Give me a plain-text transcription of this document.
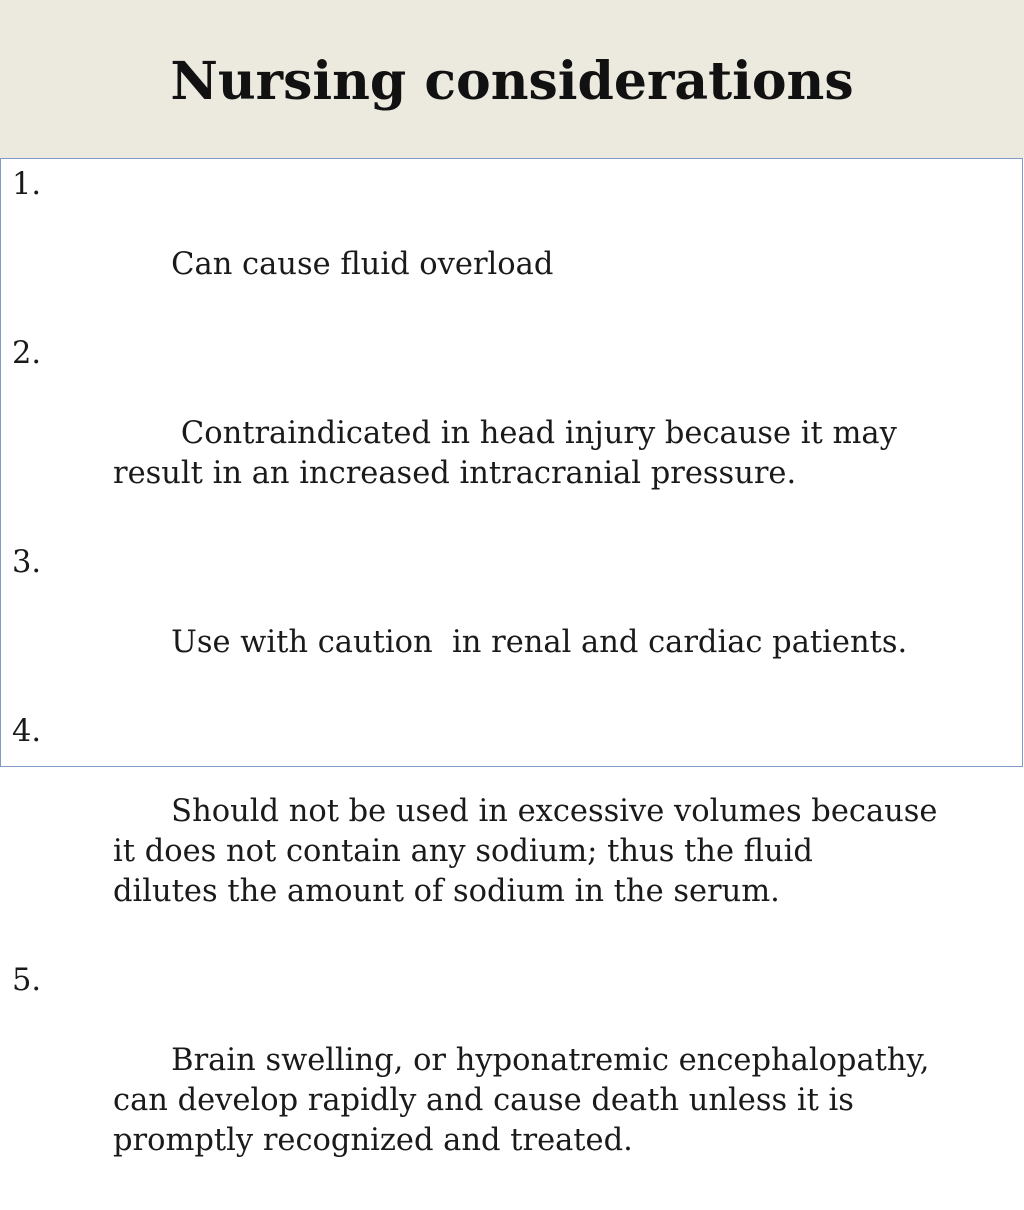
Nursing considerations

1.

Can cause fluid overload

2.

Contraindicated in head injury because it may
result in an increased intracranial pressure.

3.

Use with caution  in renal and cardiac patients.

4.

Should not be used in excessive volumes because
it does not contain any sodium; thus the fluid
dilutes the amount of sodium in the serum.

5.

Brain swelling, or hyponatremic encephalopathy,
can develop rapidly and cause death unless it is
promptly recognized and treated.
